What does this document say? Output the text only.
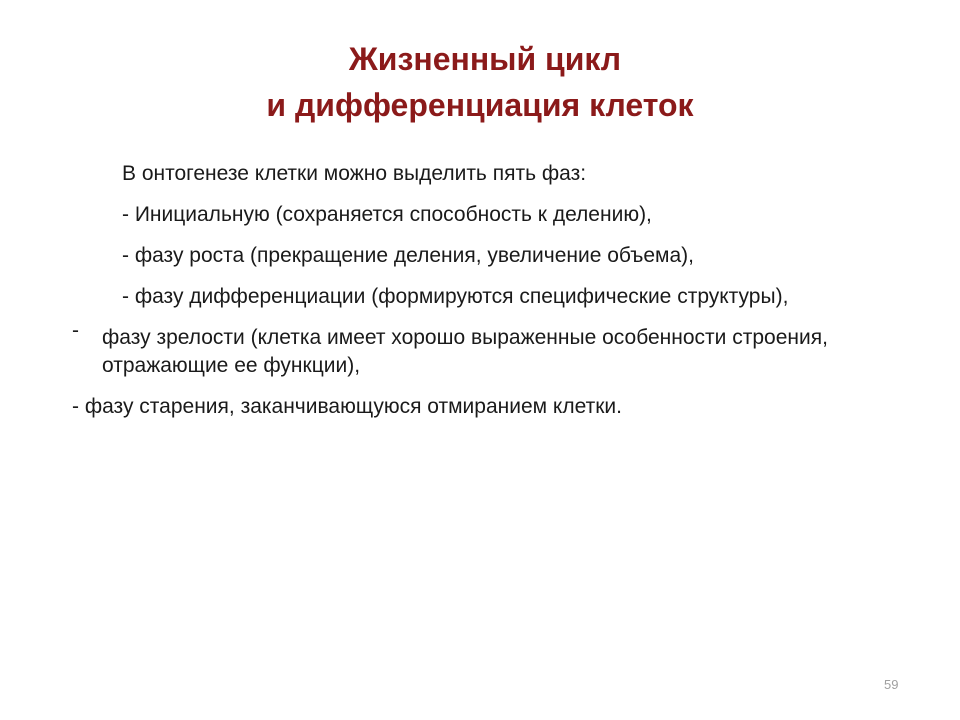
Жизненный цикл
и дифференциация клеток

В онтогенезе клетки можно выделить пять фаз:

- Инициальную (сохраняется способность к делению),

- фазу роста (прекращение деления, увеличение объема),

- фазу дифференциации (формируются специфические структуры),

-	фазу зрелости (клетка имеет хорошо выраженные особенности строения, отражающие ее функции),

- фазу старения, заканчивающуюся отмиранием клетки.

59
